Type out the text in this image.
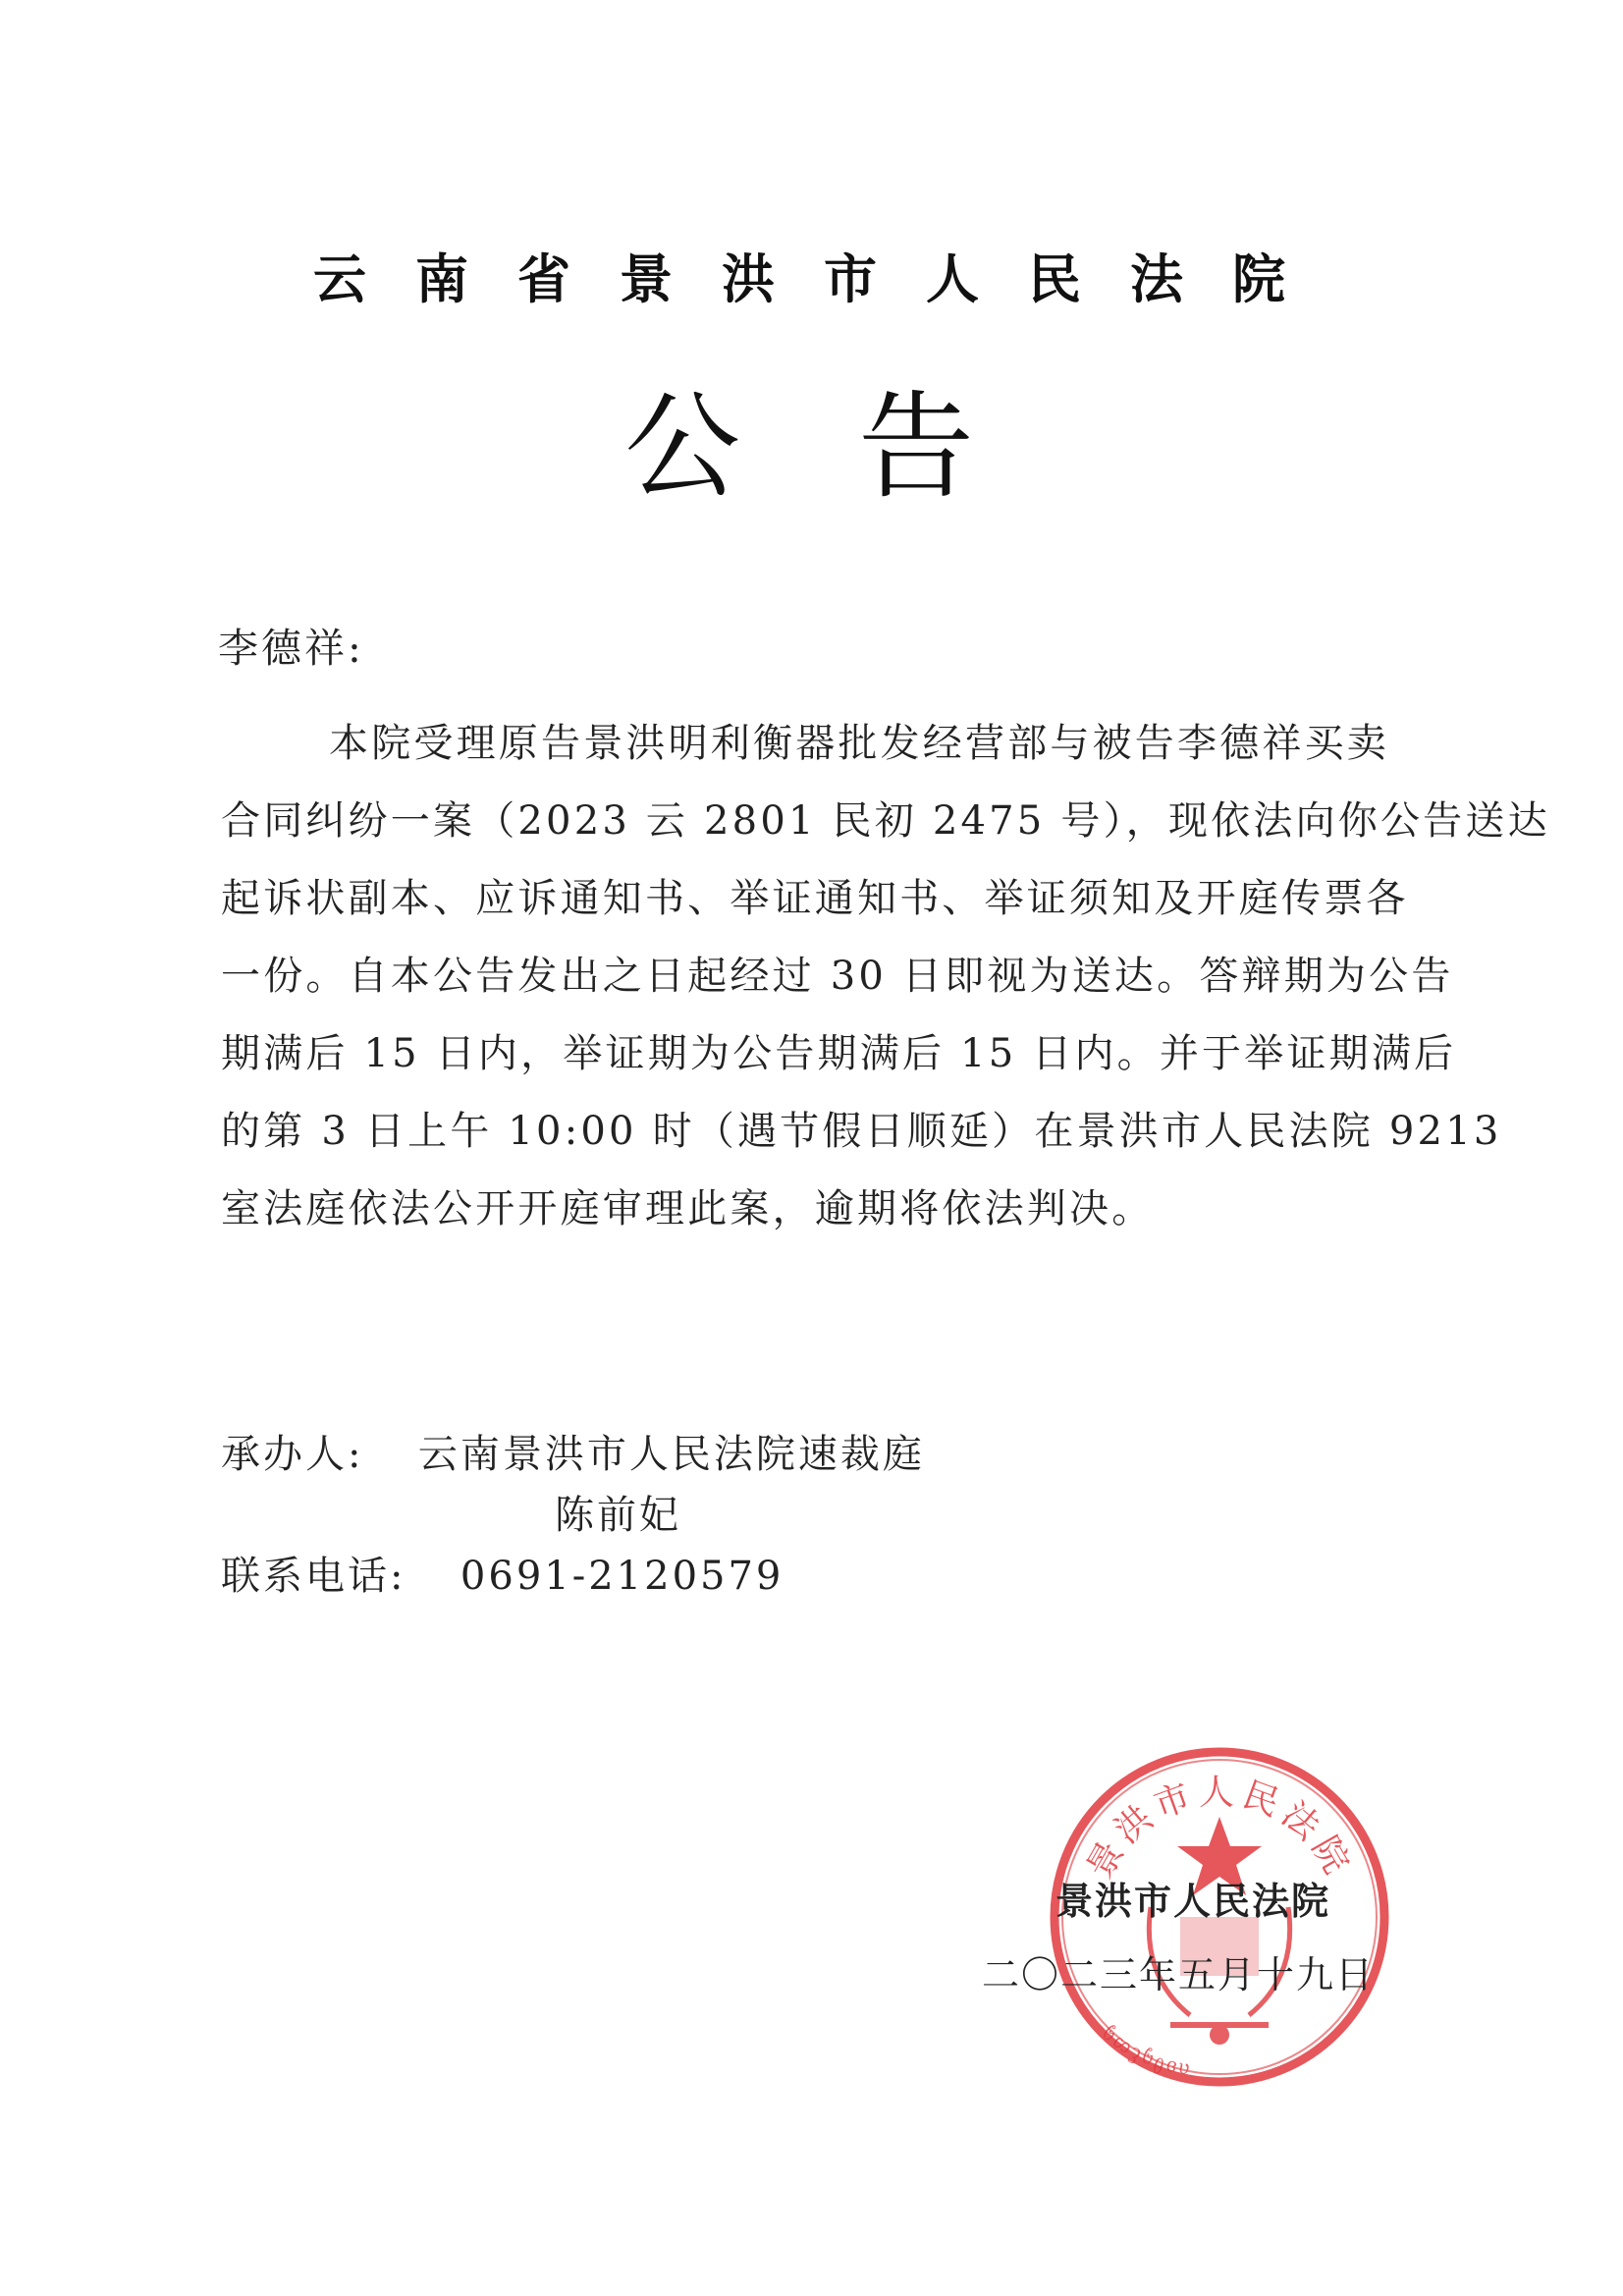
云南省景洪市人民法院
公告
李德祥:
本院受理原告景洪明利衡器批发经营部与被告李德祥买卖
合同纠纷一案（2023 云 2801 民初 2475 号），现依法向你公告送达
起诉状副本、应诉通知书、举证通知书、举证须知及开庭传票各
一份。自本公告发出之日起经过 30 日即视为送达。答辩期为公告
期满后 15 日内，举证期为公告期满后 15 日内。并于举证期满后
的第 3 日上午 10:00 时（遇节假日顺延）在景洪市人民法院 9213
室法庭依法公开开庭审理此案，逾期将依法判决。
承办人: 云南景洪市人民法院速裁庭
陈前妃
联系电话: 0691-2120579
景洪市人民法院
ᦵᦈᦲᧂᦷᦠᧂ
景洪市人民法院
二〇二三年五月十九日
